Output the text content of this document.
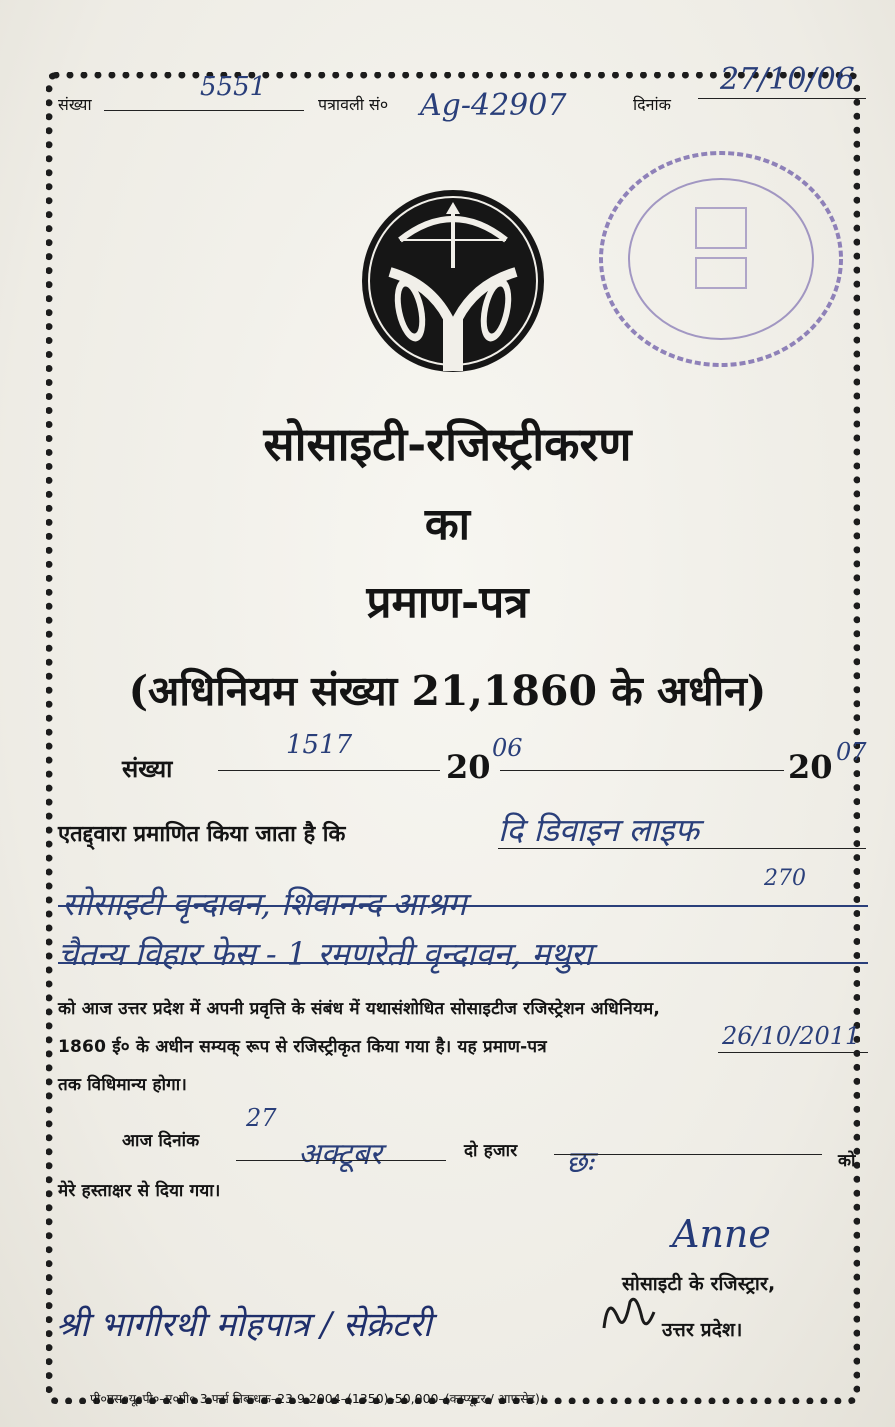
संख्या
5551
पत्रावली सं० Ag-42907	दिनांक
27/10/06
सोसाइटी-रजिस्ट्रीकरण
का
प्रमाण-पत्र
(अधिनियम संख्या 21,1860 के अधीन)
संख्या
1517
20 06	20 07
एतद्द्वारा प्रमाणित किया जाता है कि	दि डिवाइन लाइफ
सोसाइटी वृन्दावन, शिवानन्द आश्रम
270
चैतन्य विहार फेस - 1 रमणरेती वृन्दावन, मथुरा
को आज उत्तर प्रदेश में अपनी प्रवृत्ति के संबंध में यथासंशोधित सोसाइटीज रजिस्ट्रेशन अधिनियम,
1860 ई० के अधीन सम्यक् रूप से रजिस्ट्रीकृत किया गया है। यह प्रमाण-पत्र	26/10/2011
तक विधिमान्य होगा।
आज दिनांक
27
अक्टूबर	दो हजार छः	को
मेरे हस्ताक्षर से दिया गया।
Anne
सोसाइटी के रजिस्ट्रार,
उत्तर प्रदेश।
श्री भागीरथी मोहपात्र / सेक्रेटरी
पी०एस०यू०पी०–ए०पी० 3 फर्म निबन्धक–23.9.2004–(1350)–50,000–(कम्प्यूटर / आफसेट)।
